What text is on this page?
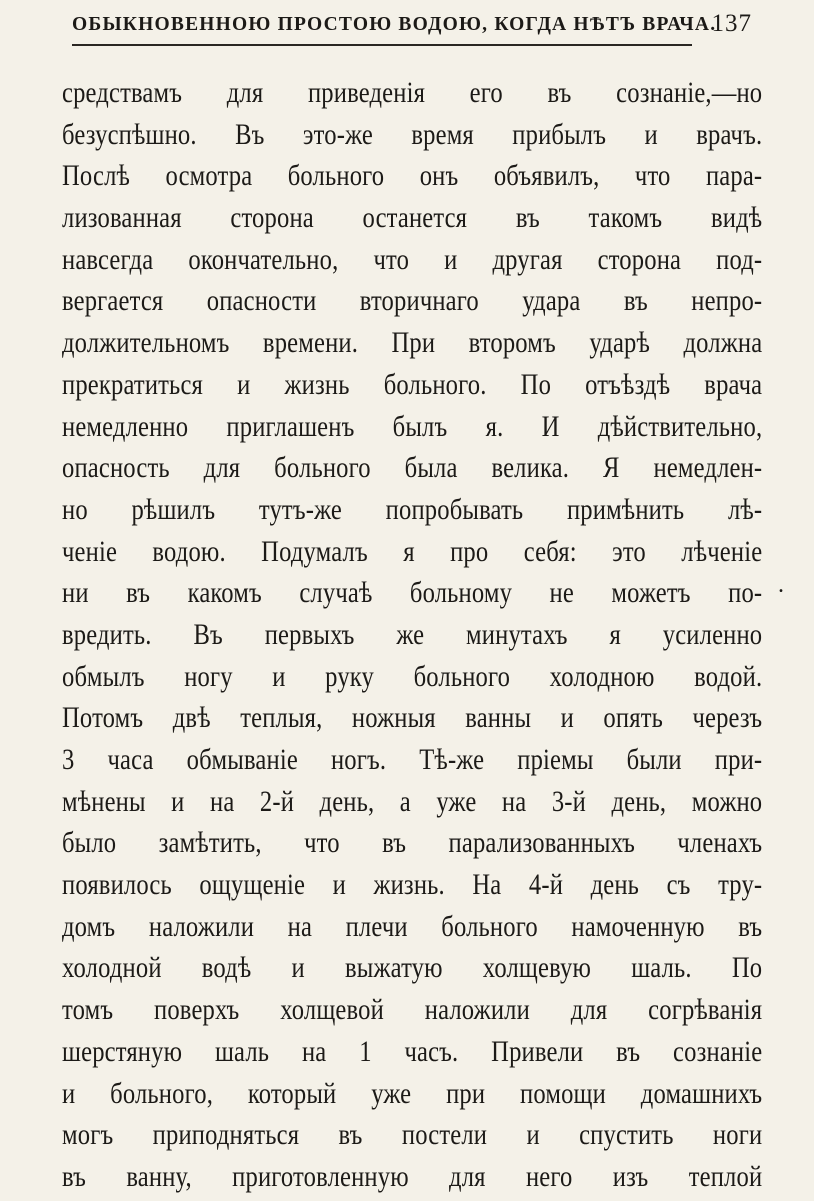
ОБЫКНОВЕННОЮ ПРОСТОЮ ВОДОЮ, КОГДА НѢТЪ ВРАЧА.
137
средствамъ для приведенія его въ сознаніе,—но
безуспѣшно. Въ это-же время прибылъ и врачъ.
Послѣ осмотра больного онъ объявилъ, что пара-
лизованная сторона останется въ такомъ видѣ
навсегда окончательно, что и другая сторона под-
вергается опасности вторичнаго удара въ непро-
должительномъ времени. При второмъ ударѣ должна
прекратиться и жизнь больного. По отъѣздѣ врача
немедленно приглашенъ былъ я. И дѣйствительно,
опасность для больного была велика. Я немедлен-
но рѣшилъ тутъ-же попробывать примѣнить лѣ-
ченіе водою. Подумалъ я про себя: это лѣченіе
ни въ какомъ случаѣ больному не можетъ по-
вредить. Въ первыхъ же минутахъ я усиленно
обмылъ ногу и руку больного холодною водой.
Потомъ двѣ теплыя, ножныя ванны и опять черезъ
3 часа обмываніе ногъ. Тѣ-же пріемы были при-
мѣнены и на 2-й день, а уже на 3-й день, можно
было замѣтить, что въ парализованныхъ членахъ
появилось ощущеніе и жизнь. На 4-й день съ тру-
домъ наложили на плечи больного намоченную въ
холодной водѣ и выжатую холщевую шаль. По
томъ поверхъ холщевой наложили для согрѣванія
шерстяную шаль на 1 часъ. Привели въ сознаніе
и больного, который уже при помощи домашнихъ
могъ приподняться въ постели и спустить ноги
въ ванну, приготовленную для него изъ теплой
.
